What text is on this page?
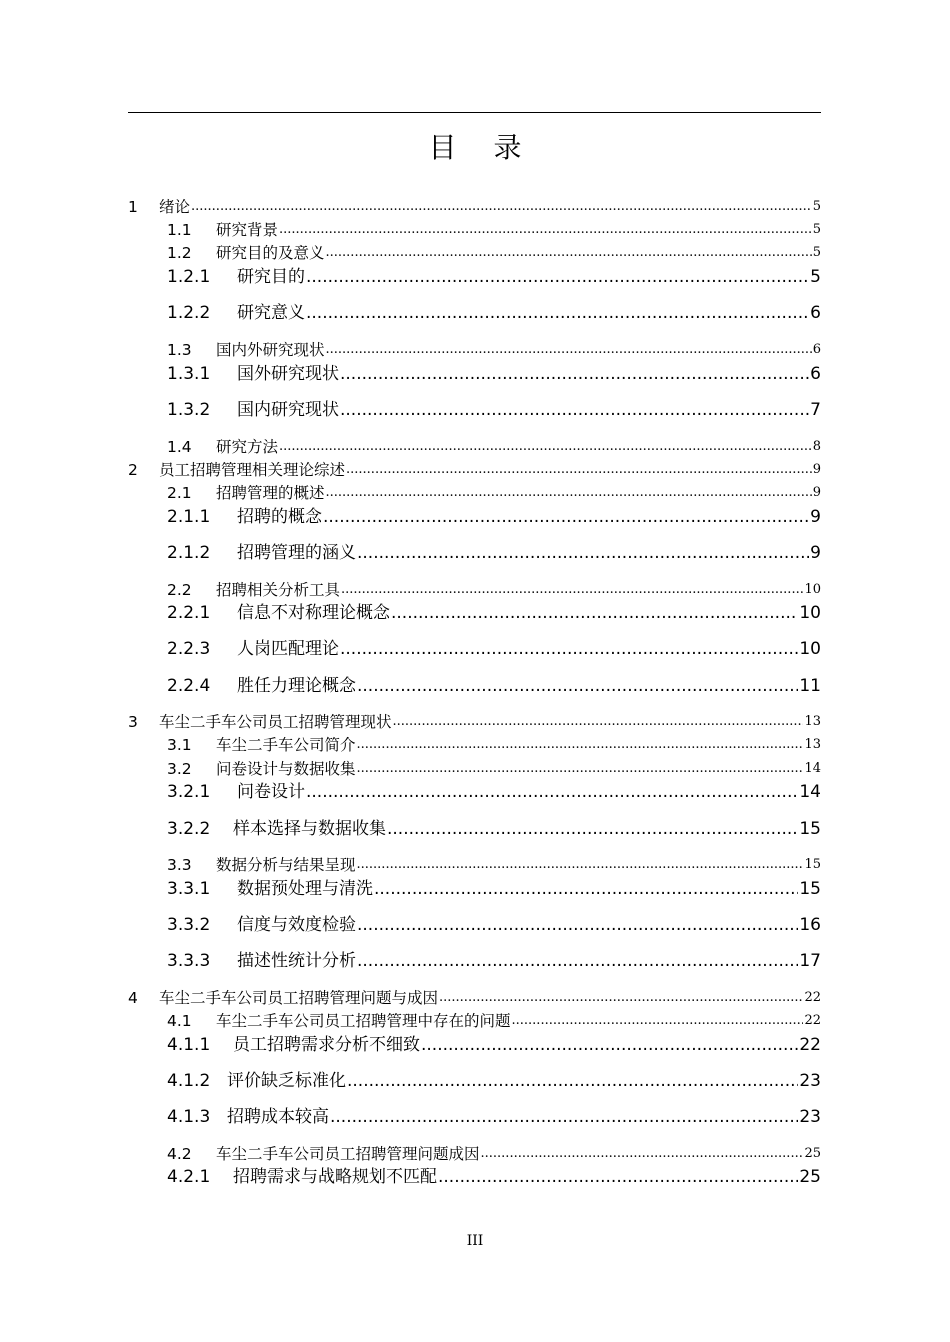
目 录
1	绪论 .....	5
1.1	研究背景 .....	5
1.2	研究目的及意义 .....	5
1.2.1	研究目的 .....	5
1.2.2	研究意义 .....	6
1.3	国内外研究现状 .....	6
1.3.1	国外研究现状 .....	6
1.3.2	国内研究现状 .....	7
1.4	研究方法 .....	8
2	员工招聘管理相关理论综述 .....	9
2.1	招聘管理的概述 .....	9
2.1.1	招聘的概念 .....	9
2.1.2	招聘管理的涵义 .....	9
2.2	招聘相关分析工具 .....	10
2.2.1	信息不对称理论概念 .....	10
2.2.3	人岗匹配理论 .....	10
2.2.4	胜任力理论概念 .....	11
3	车尘二手车公司员工招聘管理现状 .....	13
3.1	车尘二手车公司简介 .....	13
3.2	问卷设计与数据收集 .....	14
3.2.1	问卷设计 .....	14
3.2.2	样本选择与数据收集 .....	15
3.3	数据分析与结果呈现 .....	15
3.3.1	数据预处理与清洗 .....	15
3.3.2	信度与效度检验 .....	16
3.3.3	描述性统计分析 .....	17
4	车尘二手车公司员工招聘管理问题与成因 .....	22
4.1	车尘二手车公司员工招聘管理中存在的问题 .....	22
4.1.1	员工招聘需求分析不细致 .....	22
4.1.2 评价缺乏标准化 .....	23
4.1.3 招聘成本较高 .....	23
4.2	车尘二手车公司员工招聘管理问题成因 .....	25
4.2.1	招聘需求与战略规划不匹配 .....	25
III
